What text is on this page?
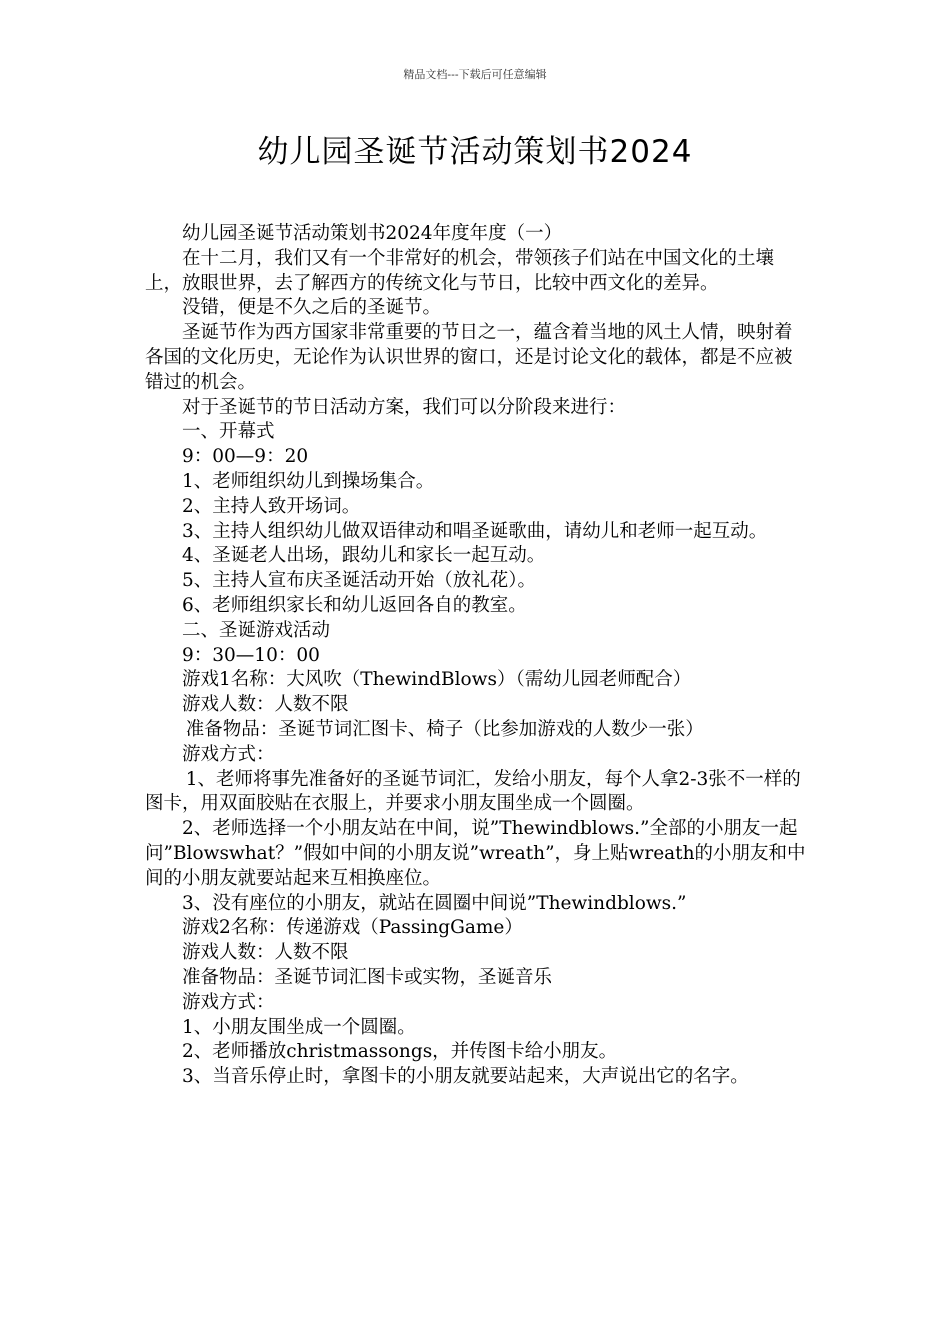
精品文档---下载后可任意编辑
幼儿园圣诞节活动策划书2024

幼儿园圣诞节活动策划书2024年度年度（一）

在十二月，我们又有一个非常好的机会，带领孩子们站在中国文化的土壤上，放眼世界，去了解西方的传统文化与节日，比较中西文化的差异。

没错，便是不久之后的圣诞节。

圣诞节作为西方国家非常重要的节日之一，蕴含着当地的风土人情，映射着各国的文化历史，无论作为认识世界的窗口，还是讨论文化的载体，都是不应被错过的机会。

对于圣诞节的节日活动方案，我们可以分阶段来进行：

一、开幕式

9：00—9：20

1、老师组织幼儿到操场集合。

2、主持人致开场词。

3、主持人组织幼儿做双语律动和唱圣诞歌曲，请幼儿和老师一起互动。

4、圣诞老人出场，跟幼儿和家长一起互动。

5、主持人宣布庆圣诞活动开始（放礼花）。

6、老师组织家长和幼儿返回各自的教室。

二、圣诞游戏活动

9：30—10：00

游戏1名称：大风吹（ThewindBlows）（需幼儿园老师配合）

游戏人数：人数不限

准备物品：圣诞节词汇图卡、椅子（比参加游戏的人数少一张）

游戏方式：

1、老师将事先准备好的圣诞节词汇，发给小朋友，每个人拿2-3张不一样的图卡，用双面胶贴在衣服上，并要求小朋友围坐成一个圆圈。

2、老师选择一个小朋友站在中间，说”Thewindblows.”全部的小朋友一起问”Blowswhat？”假如中间的小朋友说”wreath”，身上贴wreath的小朋友和中间的小朋友就要站起来互相换座位。

3、没有座位的小朋友，就站在圆圈中间说”Thewindblows.”

游戏2名称：传递游戏（PassingGame）

游戏人数：人数不限

准备物品：圣诞节词汇图卡或实物，圣诞音乐

游戏方式：

1、小朋友围坐成一个圆圈。

2、老师播放christmassongs，并传图卡给小朋友。

3、当音乐停止时，拿图卡的小朋友就要站起来，大声说出它的名字。
